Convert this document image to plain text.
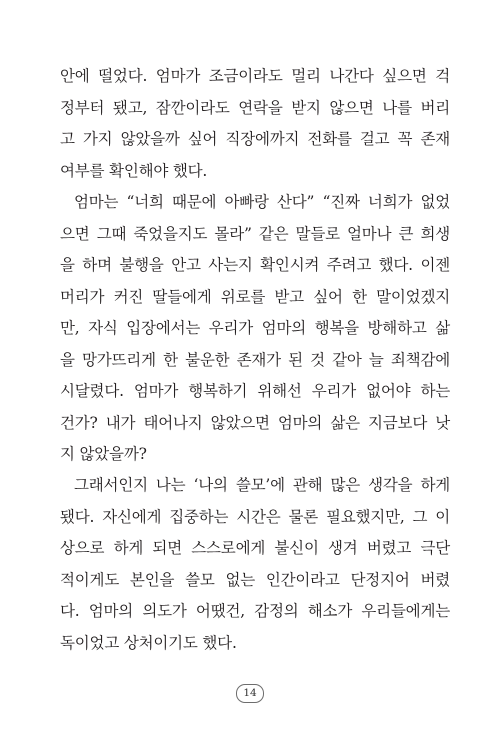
안에 떨었다. 엄마가 조금이라도 멀리 나간다 싶으면 걱
정부터 됐고, 잠깐이라도 연락을 받지 않으면 나를 버리
고 가지 않았을까 싶어 직장에까지 전화를 걸고 꼭 존재
여부를 확인해야 했다.
엄마는 “너희 때문에 아빠랑 산다” “진짜 너희가 없었
으면 그때 죽었을지도 몰라” 같은 말들로 얼마나 큰 희생
을 하며 불행을 안고 사는지 확인시켜 주려고 했다. 이젠
머리가 커진 딸들에게 위로를 받고 싶어 한 말이었겠지
만, 자식 입장에서는 우리가 엄마의 행복을 방해하고 삶
을 망가뜨리게 한 불운한 존재가 된 것 같아 늘 죄책감에
시달렸다. 엄마가 행복하기 위해선 우리가 없어야 하는
건가? 내가 태어나지 않았으면 엄마의 삶은 지금보다 낫
지 않았을까?
그래서인지 나는 ‘나의 쓸모’에 관해 많은 생각을 하게
됐다. 자신에게 집중하는 시간은 물론 필요했지만, 그 이
상으로 하게 되면 스스로에게 불신이 생겨 버렸고 극단
적이게도 본인을 쓸모 없는 인간이라고 단정지어 버렸
다. 엄마의 의도가 어땠건, 감정의 해소가 우리들에게는
독이었고 상처이기도 했다.
14
